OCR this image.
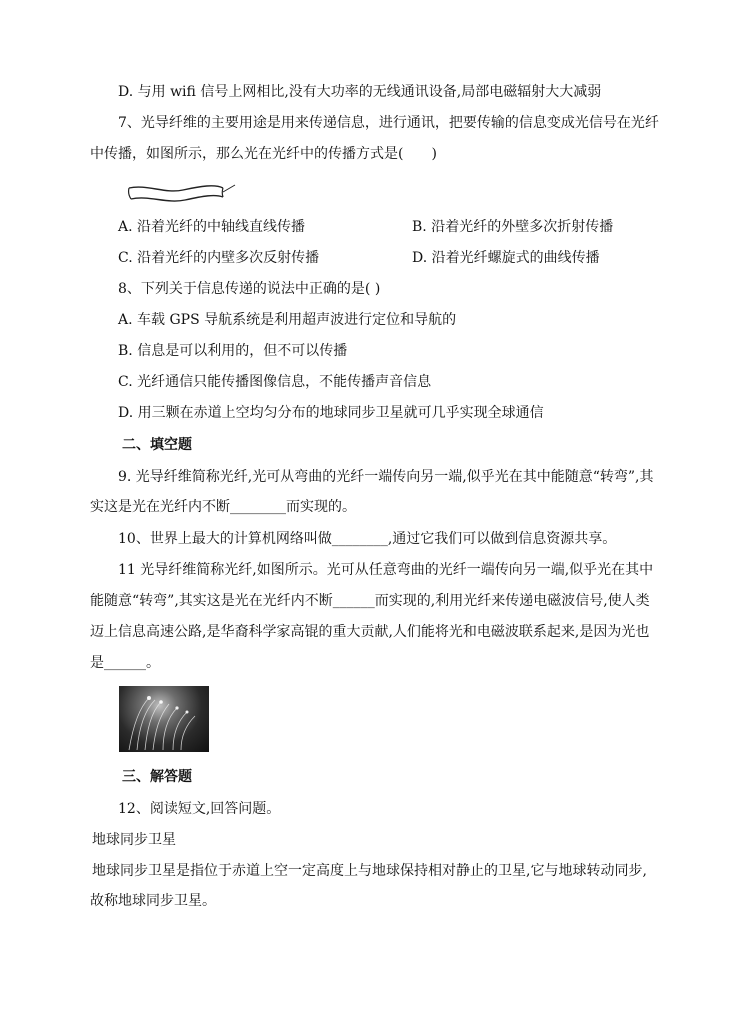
D. 与用 wifi 信号上网相比,没有大功率的无线通讯设备,局部电磁辐射大大减弱
7、光导纤维的主要用途是用来传递信息，进行通讯，把要传输的信息变成光信号在光纤
中传播，如图所示，那么光在光纤中的传播方式是(　　)
A. 沿着光纤的中轴线直线传播	B. 沿着光纤的外壁多次折射传播
C. 沿着光纤的内壁多次反射传播	D. 沿着光纤螺旋式的曲线传播
8、下列关于信息传递的说法中正确的是( )
A. 车载 GPS 导航系统是利用超声波进行定位和导航的
B. 信息是可以利用的，但不可以传播
C. 光纤通信只能传播图像信息，不能传播声音信息
D. 用三颗在赤道上空均匀分布的地球同步卫星就可几乎实现全球通信
二、填空题
9. 光导纤维简称光纤,光可从弯曲的光纤一端传向另一端,似乎光在其中能随意“转弯”,其
实这是光在光纤内不断________而实现的。
10、世界上最大的计算机网络叫做________,通过它我们可以做到信息资源共享。
11 光导纤维简称光纤,如图所示。光可从任意弯曲的光纤一端传向另一端,似乎光在其中
能随意“转弯”,其实这是光在光纤内不断______而实现的,利用光纤来传递电磁波信号,使人类
迈上信息高速公路,是华裔科学家高锟的重大贡献,人们能将光和电磁波联系起来,是因为光也
是______。
三、解答题
12、阅读短文,回答问题。
地球同步卫星
地球同步卫星是指位于赤道上空一定高度上与地球保持相对静止的卫星,它与地球转动同步,
故称地球同步卫星。
